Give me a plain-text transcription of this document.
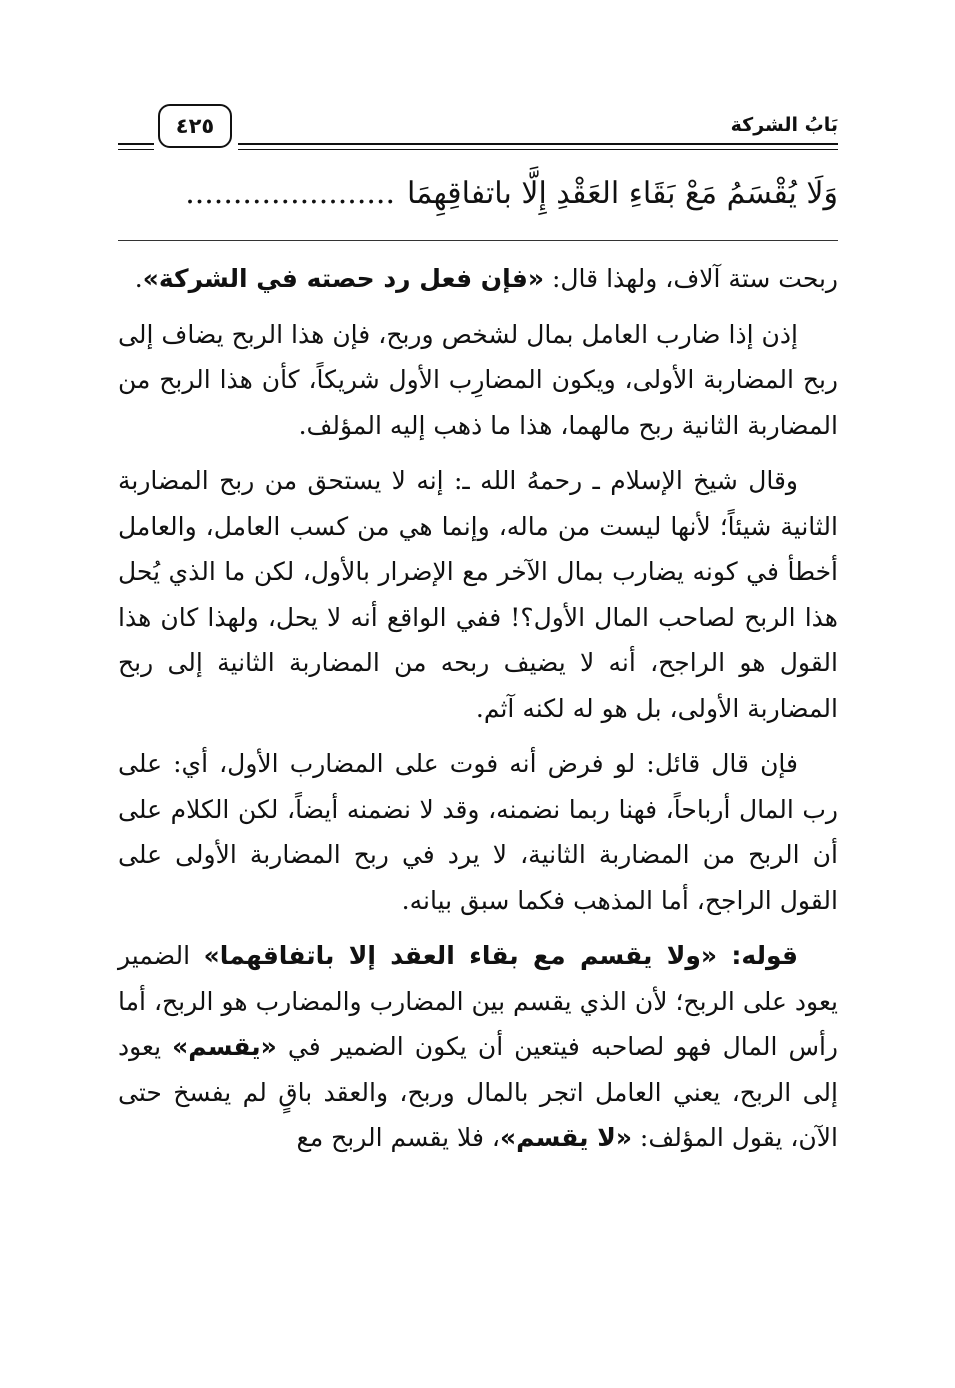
بَابُ الشركة
٤٢٥
وَلَا يُقْسَمُ مَعْ بَقَاءِ العَقْدِ إِلَّا باتفاقِهِمَا......................

ربحت ستة آلاف، ولهذا قال: «فإن فعل رد حصته في الشركة».

إذن إذا ضارب العامل بمال لشخص وربح، فإن هذا الربح يضاف إلى ربح المضاربة الأولى، ويكون المضارِب الأول شريكاً، كأن هذا الربح من المضاربة الثانية ربح مالهما، هذا ما ذهب إليه المؤلف.

وقال شيخ الإسلام ـ رحمهُ الله ـ: إنه لا يستحق من ربح المضاربة الثانية شيئاً؛ لأنها ليست من ماله، وإنما هي من كسب العامل، والعامل أخطأ في كونه يضارب بمال الآخر مع الإضرار بالأول، لكن ما الذي يُحل هذا الربح لصاحب المال الأول؟! ففي الواقع أنه لا يحل، ولهذا كان هذا القول هو الراجح، أنه لا يضيف ربحه من المضاربة الثانية إلى ربح المضاربة الأولى، بل هو له لكنه آثم.

فإن قال قائل: لو فرض أنه فوت على المضارب الأول، أي: على رب المال أرباحاً، فهنا ربما نضمنه، وقد لا نضمنه أيضاً، لكن الكلام على أن الربح من المضاربة الثانية، لا يرد في ربح المضاربة الأولى على القول الراجح، أما المذهب فكما سبق بيانه.

قوله: «ولا يقسم مع بقاء العقد إلا باتفاقهما» الضمير يعود على الربح؛ لأن الذي يقسم بين المضارب والمضارب هو الربح، أما رأس المال فهو لصاحبه فيتعين أن يكون الضمير في «يقسم» يعود إلى الربح، يعني العامل اتجر بالمال وربح، والعقد باقٍ لم يفسخ حتى الآن، يقول المؤلف: «لا يقسم»، فلا يقسم الربح مع
